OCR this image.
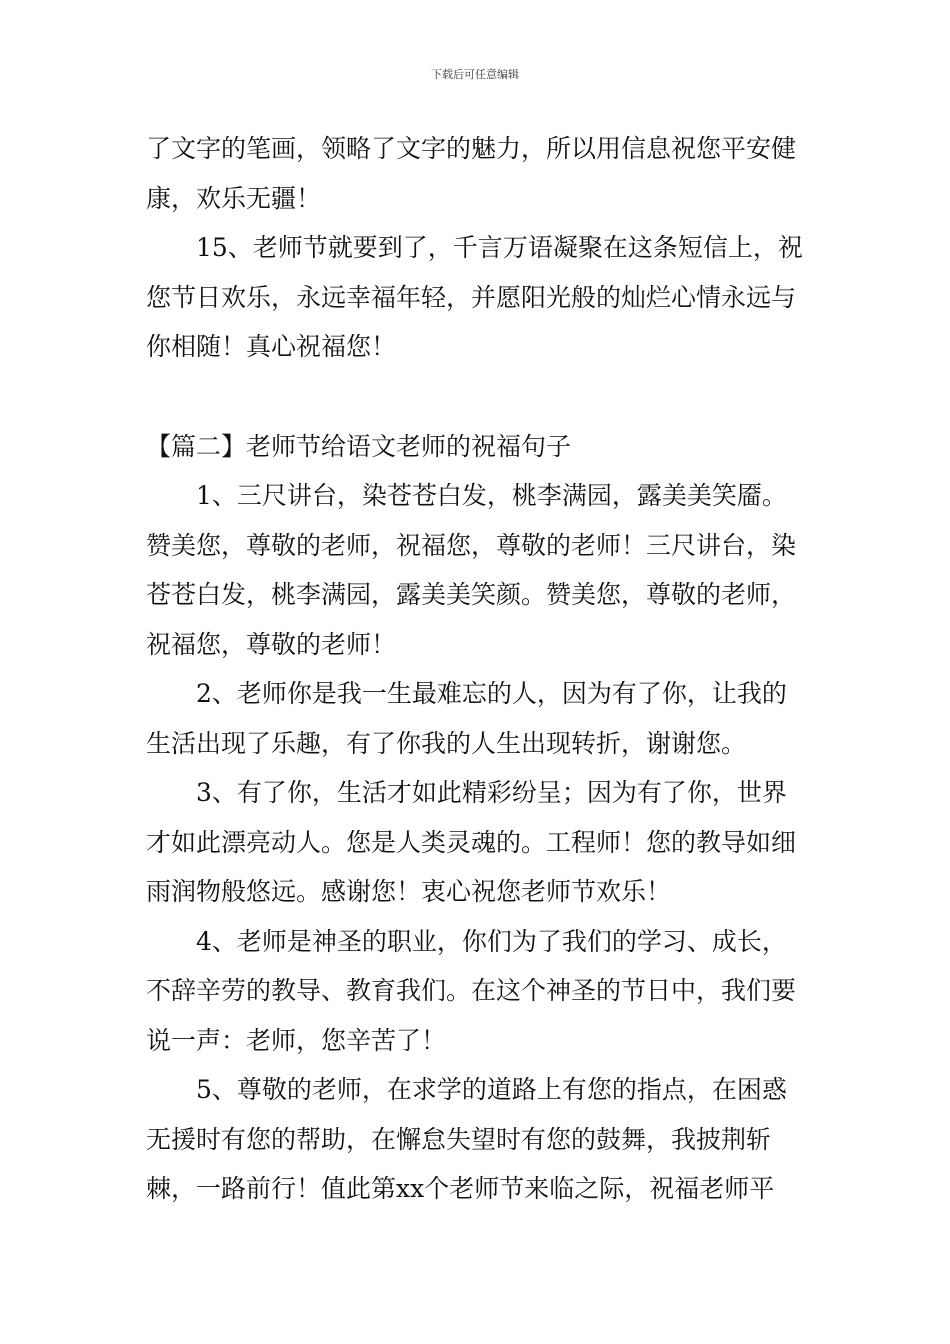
下载后可任意编辑

了文字的笔画，领略了文字的魅力，所以用信息祝您平安健康，欢乐无疆！

15、老师节就要到了，千言万语凝聚在这条短信上，祝您节日欢乐，永远幸福年轻，并愿阳光般的灿烂心情永远与你相随！真心祝福您！

【篇二】老师节给语文老师的祝福句子

1、三尺讲台，染苍苍白发，桃李满园，露美美笑靥。赞美您，尊敬的老师，祝福您，尊敬的老师！三尺讲台，染苍苍白发，桃李满园，露美美笑颜。赞美您，尊敬的老师，祝福您，尊敬的老师！

2、老师你是我一生最难忘的人，因为有了你，让我的生活出现了乐趣，有了你我的人生出现转折，谢谢您。

3、有了你，生活才如此精彩纷呈；因为有了你，世界才如此漂亮动人。您是人类灵魂的。工程师！您的教导如细雨润物般悠远。感谢您！衷心祝您老师节欢乐！

4、老师是神圣的职业，你们为了我们的学习、成长，不辞辛劳的教导、教育我们。在这个神圣的节日中，我们要说一声：老师，您辛苦了！

5、尊敬的老师，在求学的道路上有您的指点，在困惑无援时有您的帮助，在懈怠失望时有您的鼓舞，我披荆斩棘，一路前行！值此第xx个老师节来临之际，祝福老师平
